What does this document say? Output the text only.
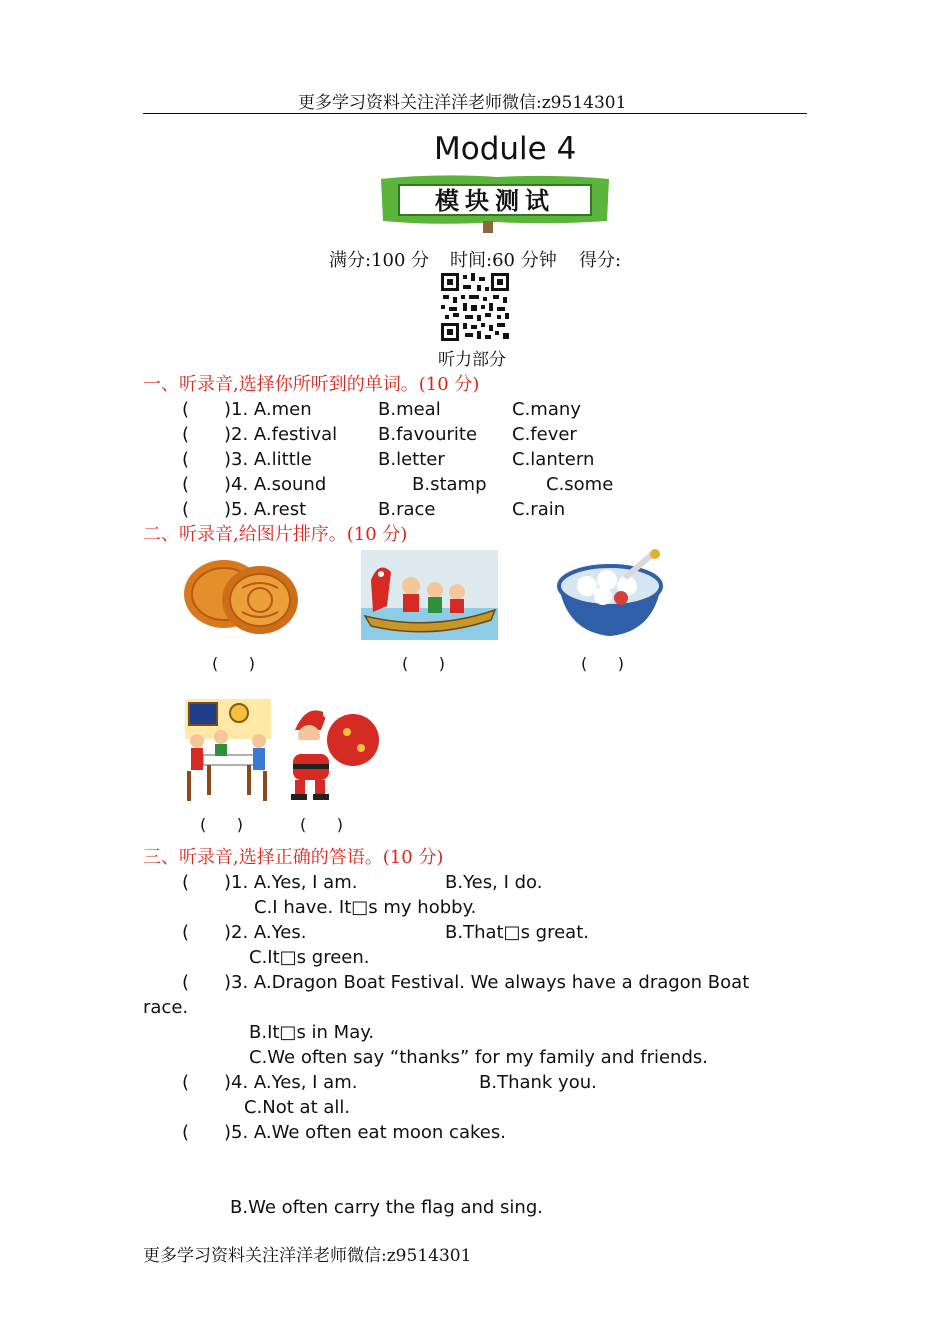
更多学习资料关注洋洋老师微信:z9514301
Module 4
模块测试
满分:100 分 时间:60 分钟 得分:
听力部分
一、听录音,选择你所听到的单词。(10 分)
( )1. A.men	B.meal	C.many
( )2. A.festival B.favourite C.fever
( )3. A.little	B.letter	C.lantern
( )4. A.sound	B.stamp	C.some
( )5. A.rest	B.race	C.rain
二、听录音,给图片排序。(10 分)
(      )	(      )	(      )
(      )	(      )
三、听录音,选择正确的答语。(10 分)
( )1. A.Yes, I am.	B.Yes, I do.
C.I have. It□s my hobby.
( )2. A.Yes.	B.That□s great.
C.It□s green.
( )3. A.Dragon Boat Festival. We always have a dragon Boat
race.
B.It□s in May.
C.We often say “thanks” for my family and friends.
( )4. A.Yes, I am.	B.Thank you.
C.Not at all.
( )5. A.We often eat moon cakes.
B.We often carry the flag and sing.
更多学习资料关注洋洋老师微信:z9514301
